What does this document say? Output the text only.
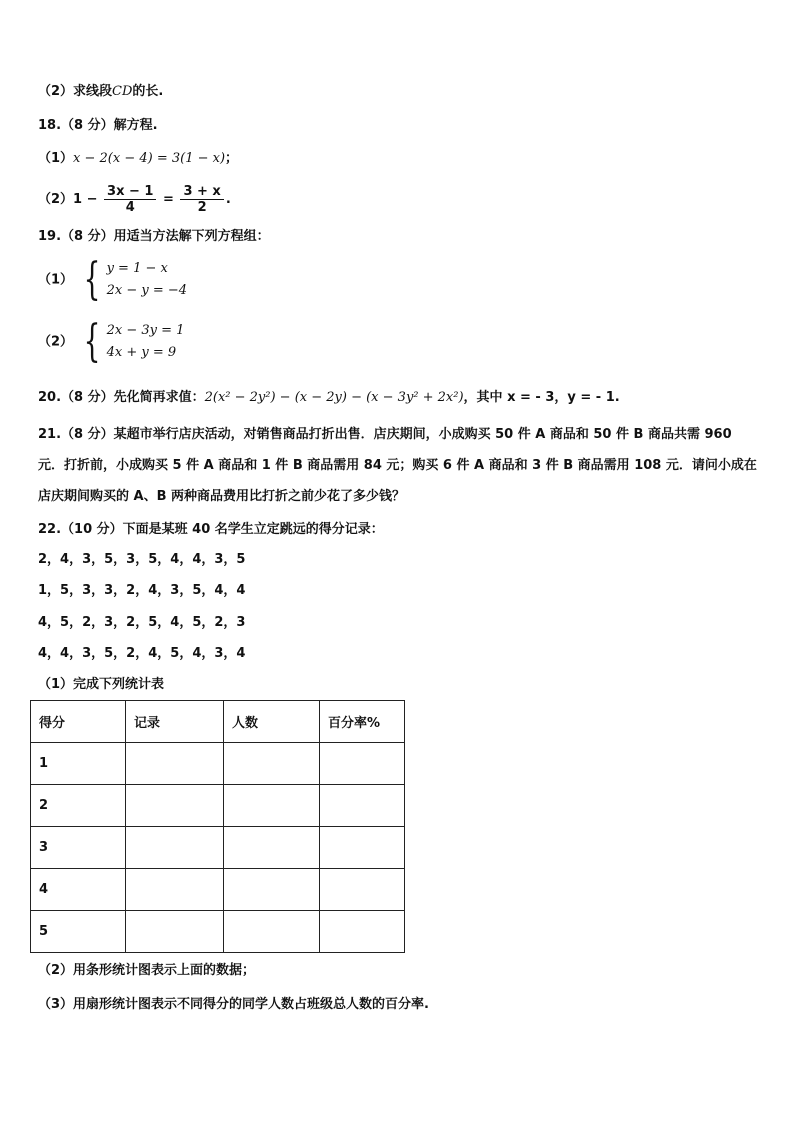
（2）求线段CD的长.
18.（8 分）解方程.
（1）x − 2(x − 4) = 3(1 − x)；
$(2)1 - \frac{3x - 1}{4} = \frac{3 + x}{2}$ .
19.（8 分）用适当方法解下列方程组：
（1） { y = 1 − x
2x − y = −4
（2） { 2x − 3y = 1
4x + y = 9
20.（8 分）先化简再求值：2(x² − 2y²) − (x − 2y) − (x − 3y² + 2x²)，其中 x = - 3，y = - 1.
21.（8 分）某超市举行店庆活动，对销售商品打折出售．店庆期间，小成购买 50 件 A 商品和 50 件 B 商品共需 960
元．打折前，小成购买 5 件 A 商品和 1 件 B 商品需用 84 元；购买 6 件 A 商品和 3 件 B 商品需用 108 元．请问小成在
店庆期间购买的 A、B 两种商品费用比打折之前少花了多少钱？
22.（10 分）下面是某班 40 名学生立定跳远的得分记录：
2，4，3，5，3，5，4，4，3，5
1，5，3，3，2，4，3，5，4，4
4，5，2，3，2，5，4，5，2，3
4，4，3，5，2，4，5，4，3，4
（1）完成下列统计表
得分	记录	人数	百分率%
1			
2			
3			
4			
5			
（2）用条形统计图表示上面的数据；
（3）用扇形统计图表示不同得分的同学人数占班级总人数的百分率.
